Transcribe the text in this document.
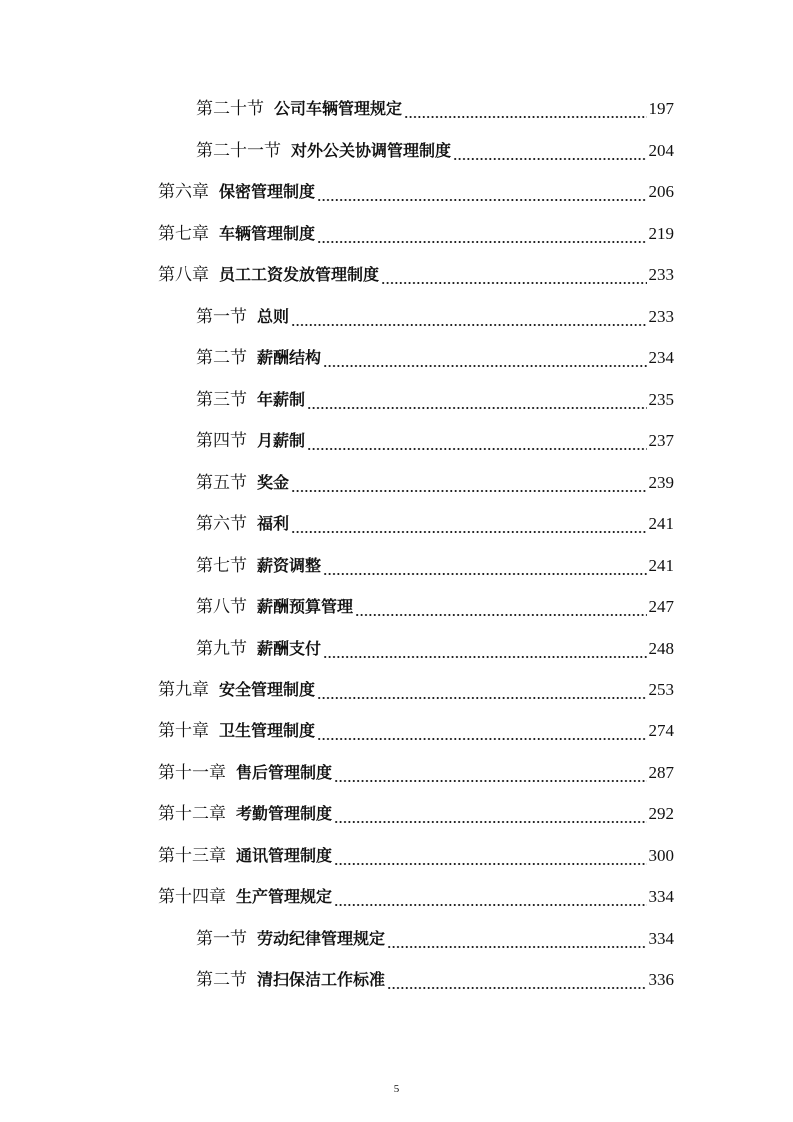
第二十节 公司车辆管理规定	197
第二十一节 对外公关协调管理制度	204
第六章 保密管理制度	206
第七章 车辆管理制度	219
第八章 员工工资发放管理制度	233
第一节 总则	233
第二节 薪酬结构	234
第三节 年薪制	235
第四节 月薪制	237
第五节 奖金	239
第六节 福利	241
第七节 薪资调整	241
第八节 薪酬预算管理	247
第九节 薪酬支付	248
第九章 安全管理制度	253
第十章 卫生管理制度	274
第十一章 售后管理制度	287
第十二章 考勤管理制度	292
第十三章 通讯管理制度	300
第十四章 生产管理规定	334
第一节 劳动纪律管理规定	334
第二节 清扫保洁工作标准	336
5
